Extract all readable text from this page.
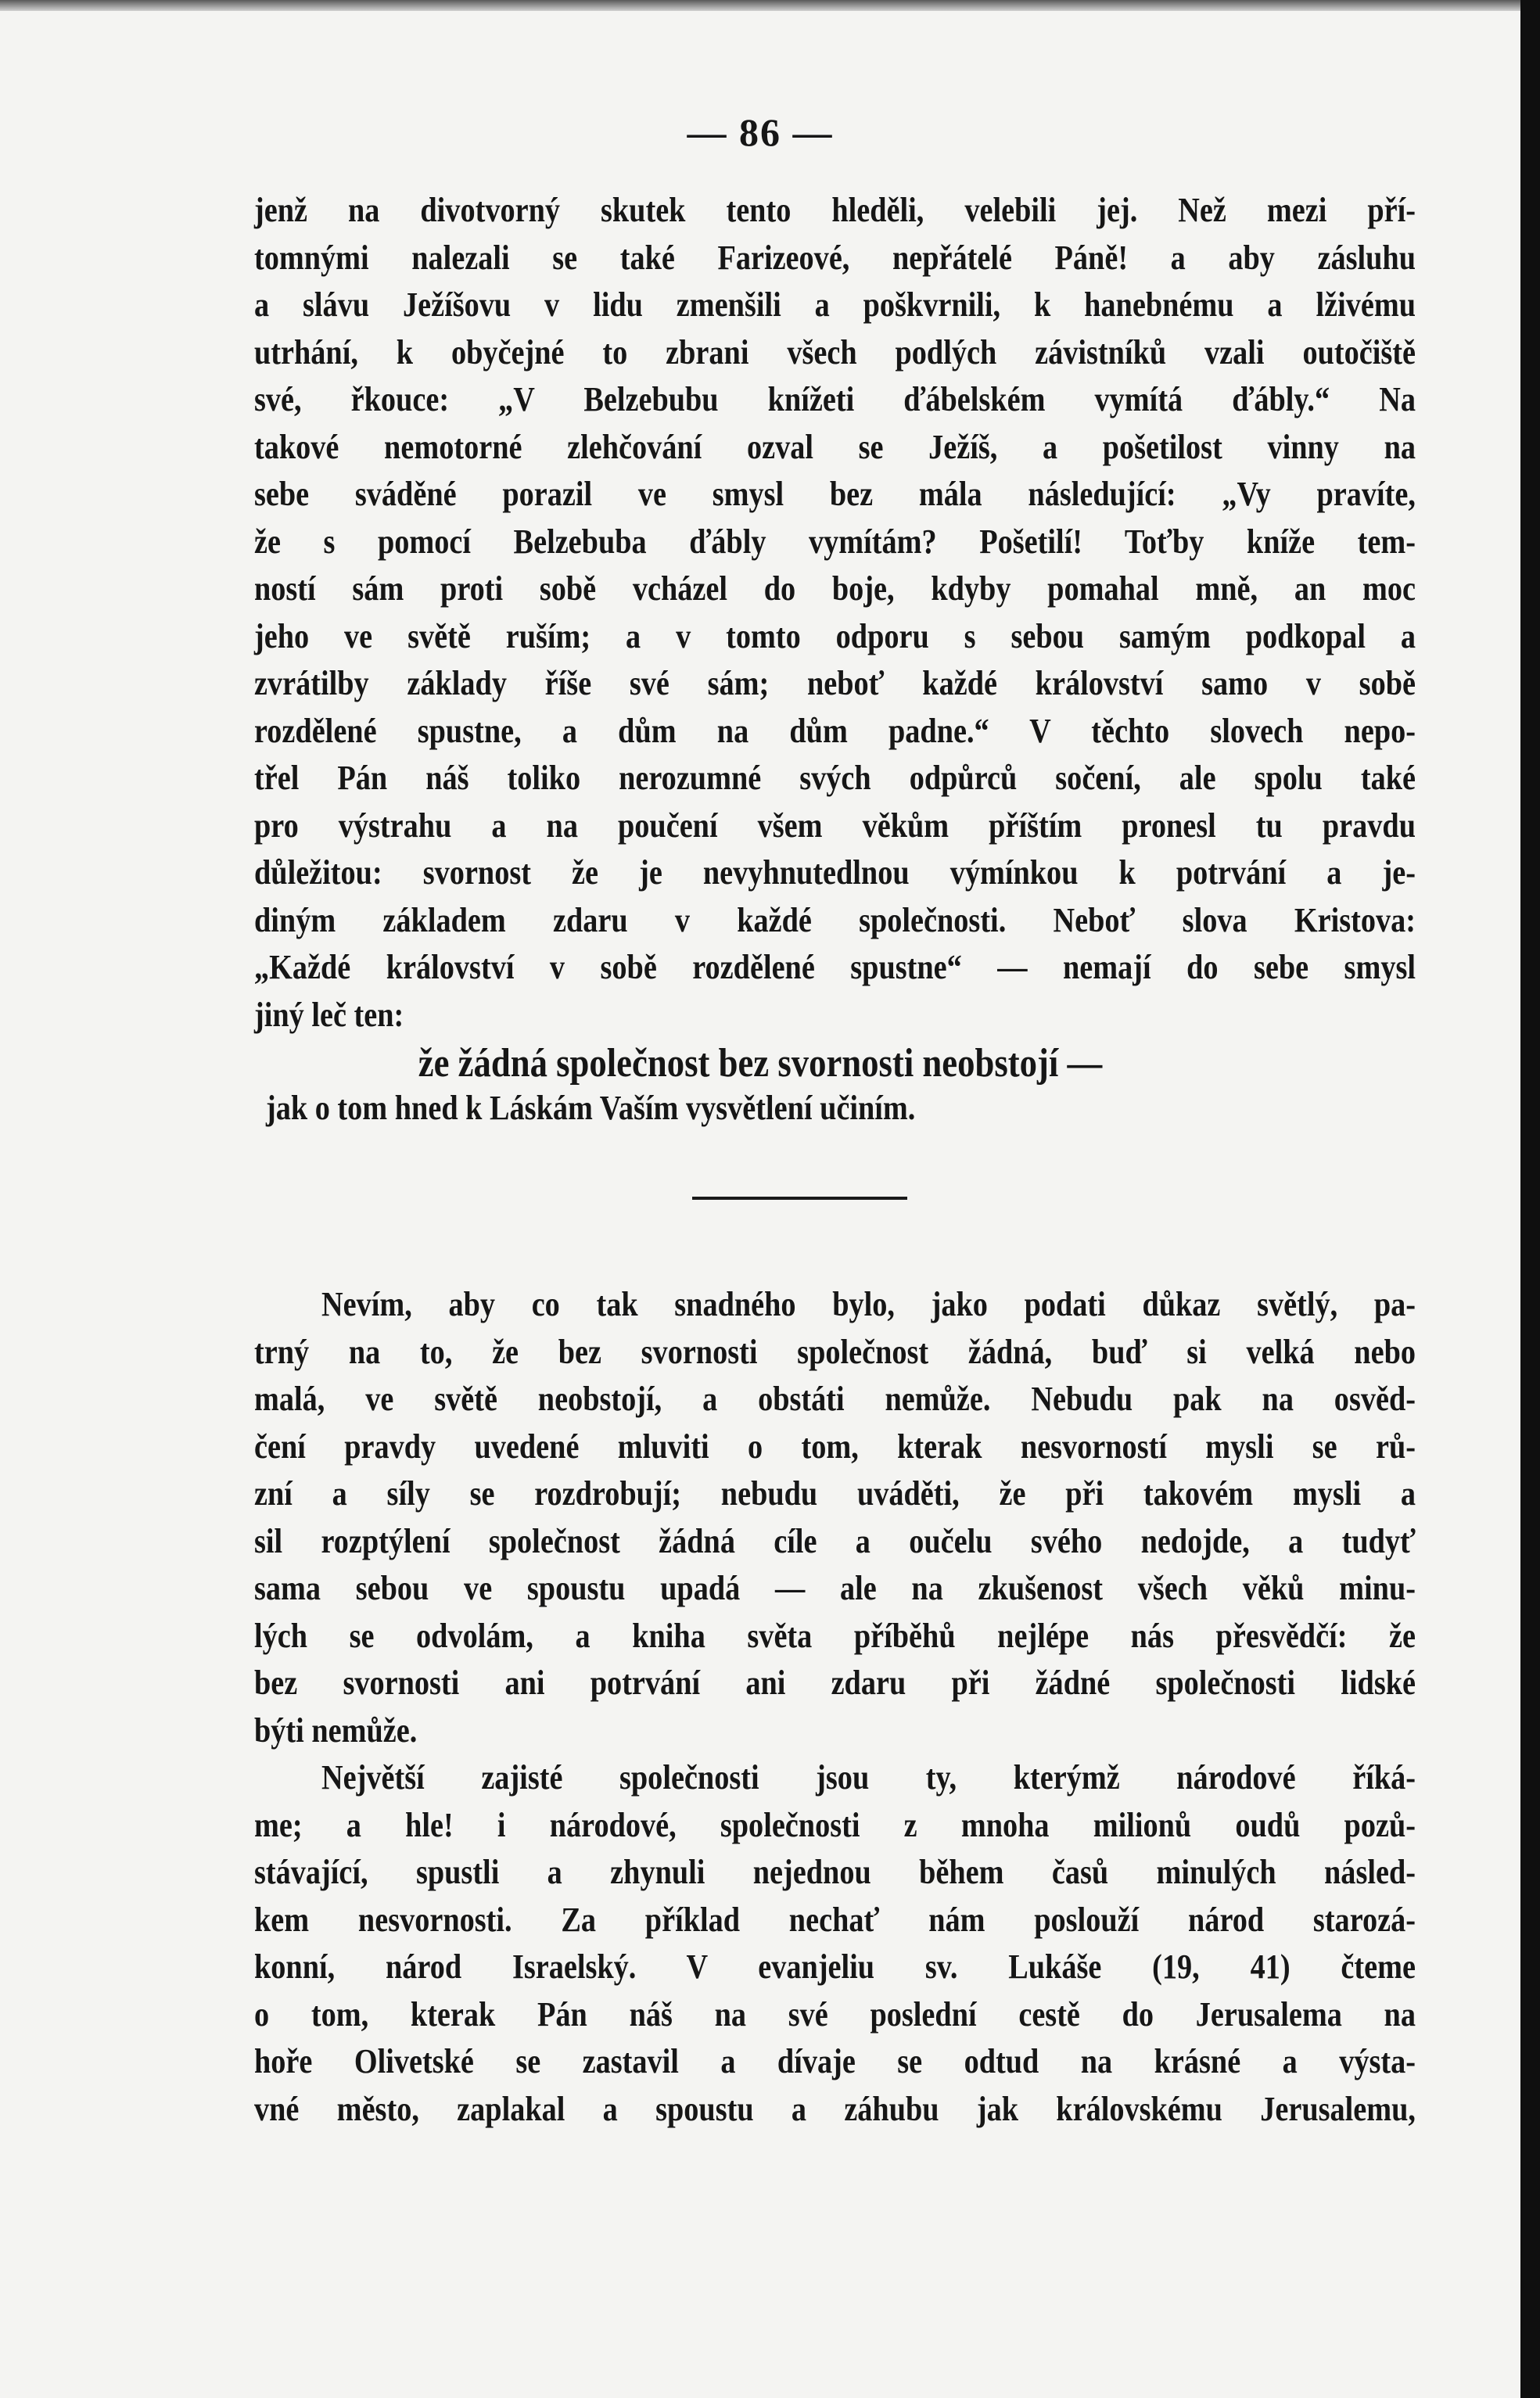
— 86 —
jenž na divotvorný skutek tento hleděli, velebili jej. Než mezi pří-
tomnými nalezali se také Farizeové, nepřátelé Páně! a aby zásluhu
a slávu Ježíšovu v lidu zmenšili a poškvrnili, k hanebnému a lživému
utrhání, k obyčejné to zbrani všech podlých závistníků vzali outočiště
své, řkouce: „V Belzebubu knížeti ďábelském vymítá ďábly.“ Na
takové nemotorné zlehčování ozval se Ježíš, a pošetilost vinny na
sebe sváděné porazil ve smysl bez mála následující: „Vy pravíte,
že s pomocí Belzebuba ďábly vymítám? Pošetilí! Toťby kníže tem-
ností sám proti sobě vcházel do boje, kdyby pomahal mně, an moc
jeho ve světě ruším; a v tomto odporu s sebou samým podkopal a
zvrátilby základy říše své sám; neboť každé království samo v sobě
rozdělené spustne, a dům na dům padne.“ V těchto slovech nepo-
třel Pán náš toliko nerozumné svých odpůrců sočení, ale spolu také
pro výstrahu a na poučení všem věkům příštím pronesl tu pravdu
důležitou: svornost že je nevyhnutedlnou výmínkou k potrvání a je-
diným základem zdaru v každé společnosti. Neboť slova Kristova:
„Každé království v sobě rozdělené spustne“ — nemají do sebe smysl
jiný leč ten:
že žádná společnost bez svornosti neobstojí —
jak o tom hned k Láskám Vaším vysvětlení učiním.
Nevím, aby co tak snadného bylo, jako podati důkaz světlý, pa-
trný na to, že bez svornosti společnost žádná, buď si velká nebo
malá, ve světě neobstojí, a obstáti nemůže. Nebudu pak na osvěd-
čení pravdy uvedené mluviti o tom, kterak nesvorností mysli se rů-
zní a síly se rozdrobují; nebudu uváděti, že při takovém mysli a
sil rozptýlení společnost žádná cíle a oučelu svého nedojde, a tudyť
sama sebou ve spoustu upadá — ale na zkušenost všech věků minu-
lých se odvolám, a kniha světa příběhů nejlépe nás přesvědčí: že
bez svornosti ani potrvání ani zdaru při žádné společnosti lidské
býti nemůže.
Největší zajisté společnosti jsou ty, kterýmž národové říká-
me; a hle! i národové, společnosti z mnoha milionů oudů pozů-
stávající, spustli a zhynuli nejednou během časů minulých násled-
kem nesvornosti. Za příklad nechať nám poslouží národ starozá-
konní, národ Israelský. V evanjeliu sv. Lukáše (19, 41) čteme
o tom, kterak Pán náš na své poslední cestě do Jerusalema na
hoře Olivetské se zastavil a dívaje se odtud na krásné a výsta-
vné město, zaplakal a spoustu a záhubu jak královskému Jerusalemu,
